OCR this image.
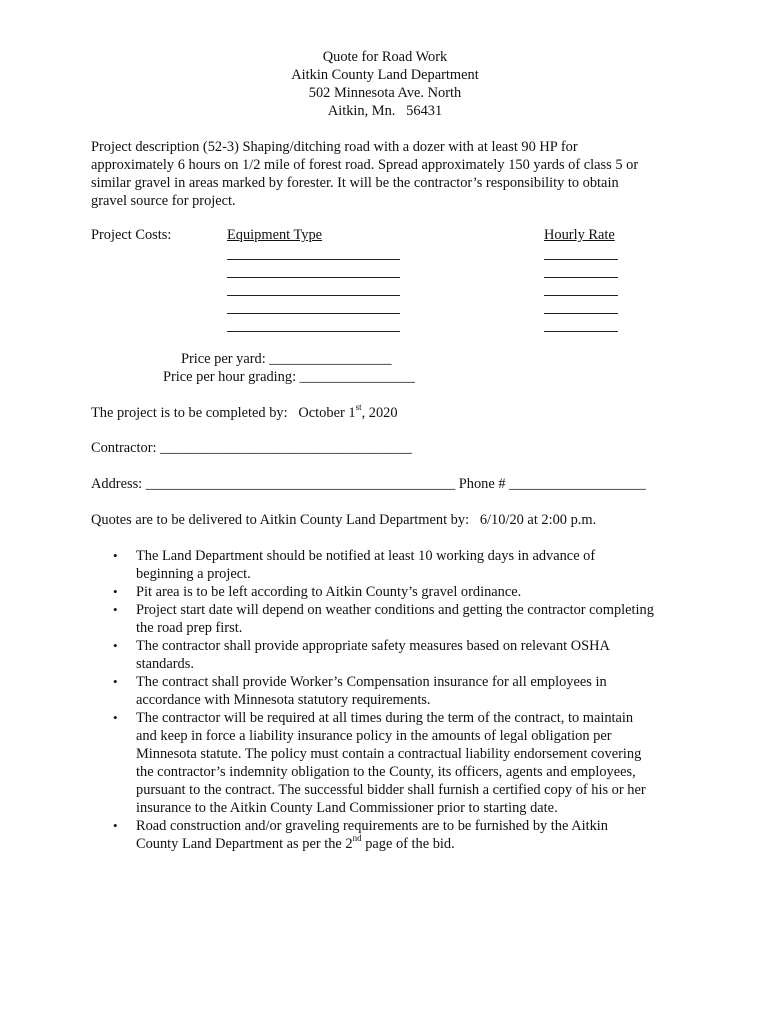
Quote for Road Work
Aitkin County Land Department
502 Minnesota Ave. North
Aitkin, Mn.   56431
Project description (52-3) Shaping/ditching road with a dozer with at least 90 HP for
approximately 6 hours on 1/2 mile of forest road. Spread approximately 150 yards of class 5 or
similar gravel in areas marked by forester. It will be the contractor’s responsibility to obtain
gravel source for project.
Project Costs:	Equipment Type	Hourly Rate
Price per yard: _________________
Price per hour grading: ________________
The project is to be completed by:   October 1st, 2020
Contractor: ___________________________________
Address: ___________________________________________ Phone # ___________________
Quotes are to be delivered to Aitkin County Land Department by:   6/10/20 at 2:00 p.m.
• The Land Department should be notified at least 10 working days in advance of
beginning a project.
• Pit area is to be left according to Aitkin County’s gravel ordinance.
• Project start date will depend on weather conditions and getting the contractor completing
the road prep first.
• The contractor shall provide appropriate safety measures based on relevant OSHA
standards.
• The contract shall provide Worker’s Compensation insurance for all employees in
accordance with Minnesota statutory requirements.
• The contractor will be required at all times during the term of the contract, to maintain
and keep in force a liability insurance policy in the amounts of legal obligation per
Minnesota statute. The policy must contain a contractual liability endorsement covering
the contractor’s indemnity obligation to the County, its officers, agents and employees,
pursuant to the contract. The successful bidder shall furnish a certified copy of his or her
insurance to the Aitkin County Land Commissioner prior to starting date.
• Road construction and/or graveling requirements are to be furnished by the Aitkin
County Land Department as per the 2nd page of the bid.
